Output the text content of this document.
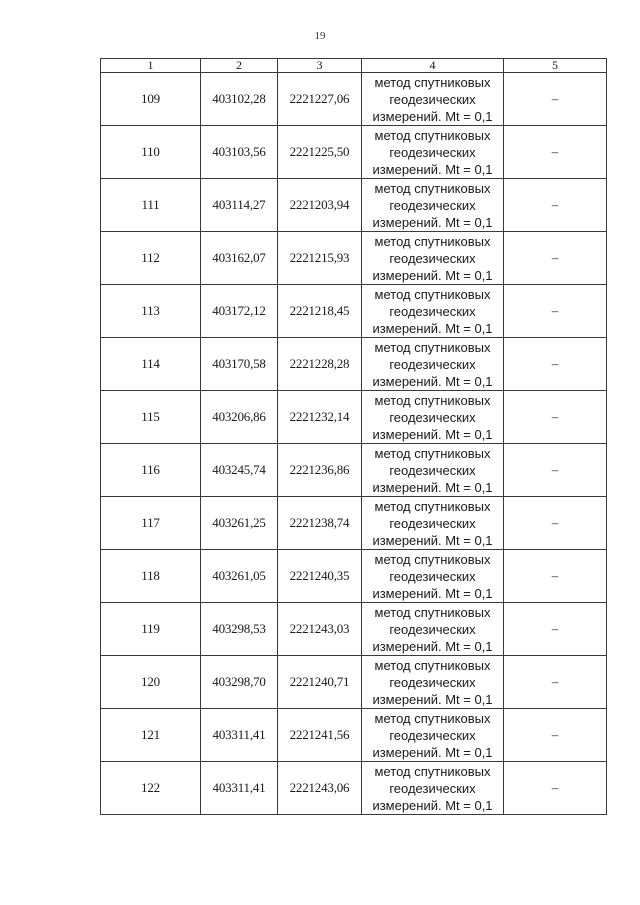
19
1	2	3	4	5
109	403102,28	2221227,06	метод спутниковых
геодезических
измерений. Mt = 0,1	–
110	403103,56	2221225,50	метод спутниковых
геодезических
измерений. Mt = 0,1	–
111	403114,27	2221203,94	метод спутниковых
геодезических
измерений. Mt = 0,1	–
112	403162,07	2221215,93	метод спутниковых
геодезических
измерений. Mt = 0,1	–
113	403172,12	2221218,45	метод спутниковых
геодезических
измерений. Mt = 0,1	–
114	403170,58	2221228,28	метод спутниковых
геодезических
измерений. Mt = 0,1	–
115	403206,86	2221232,14	метод спутниковых
геодезических
измерений. Mt = 0,1	–
116	403245,74	2221236,86	метод спутниковых
геодезических
измерений. Mt = 0,1	–
117	403261,25	2221238,74	метод спутниковых
геодезических
измерений. Mt = 0,1	–
118	403261,05	2221240,35	метод спутниковых
геодезических
измерений. Mt = 0,1	–
119	403298,53	2221243,03	метод спутниковых
геодезических
измерений. Mt = 0,1	–
120	403298,70	2221240,71	метод спутниковых
геодезических
измерений. Mt = 0,1	–
121	403311,41	2221241,56	метод спутниковых
геодезических
измерений. Mt = 0,1	–
122	403311,41	2221243,06	метод спутниковых
геодезических
измерений. Mt = 0,1	–
